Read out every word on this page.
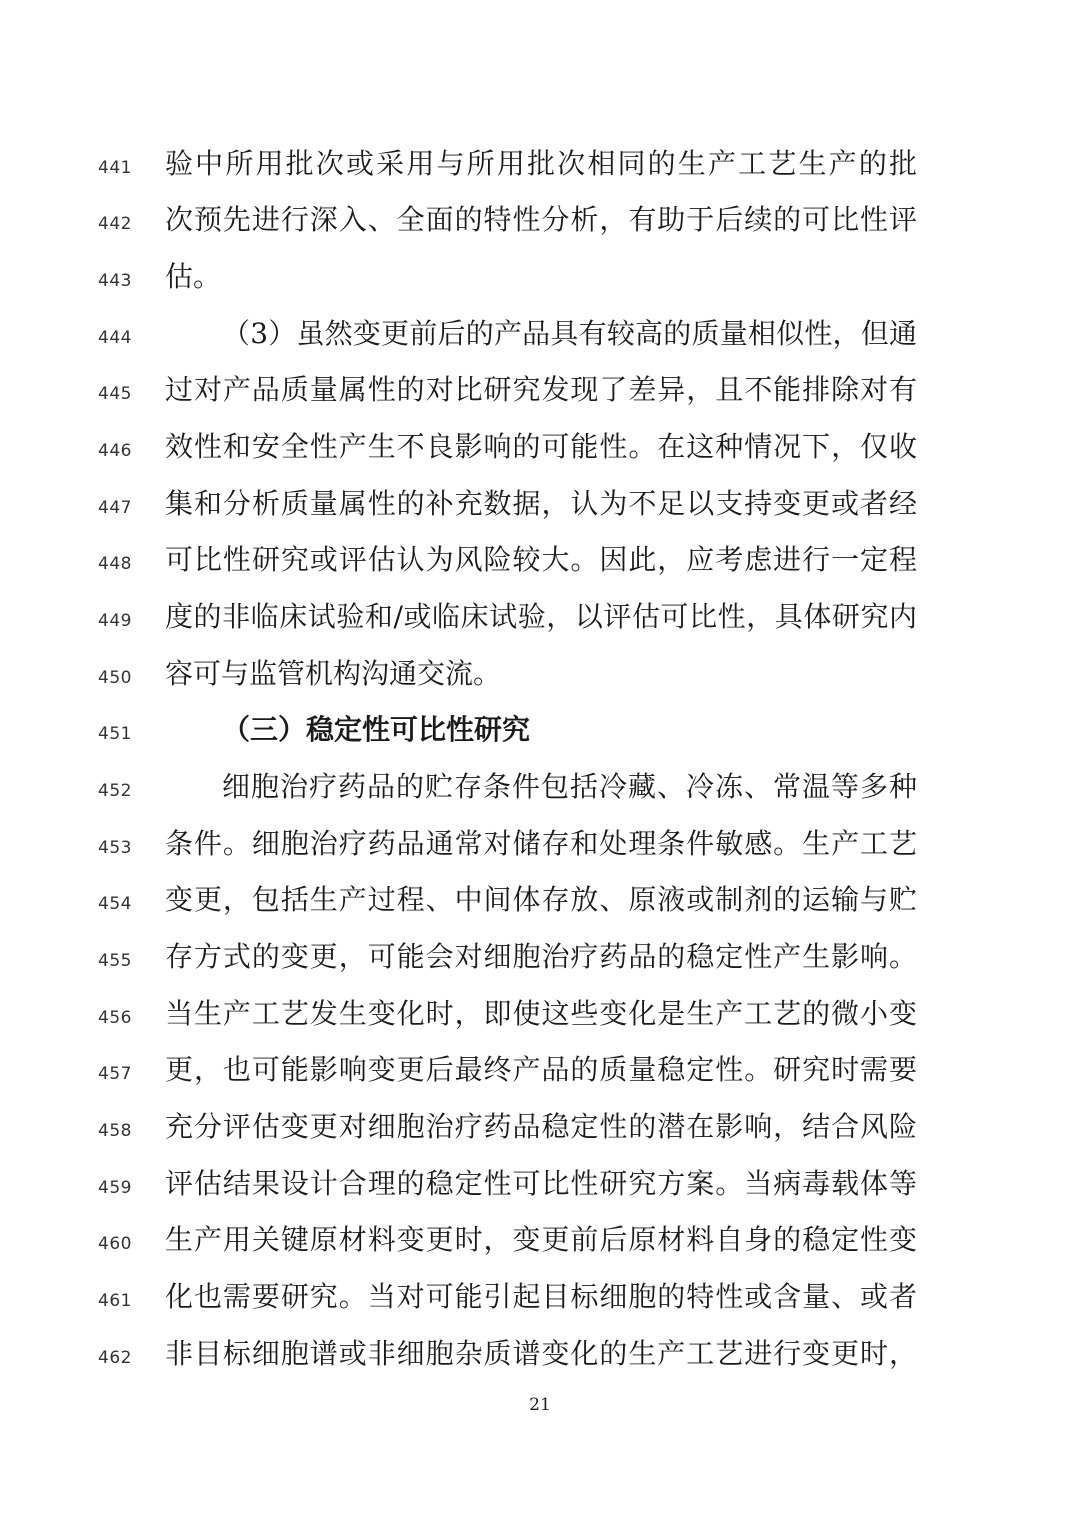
441 验中所用批次或采用与所用批次相同的生产工艺生产的批
442 次预先进行深入、全面的特性分析，有助于后续的可比性评
443 估。
444	（3）虽然变更前后的产品具有较高的质量相似性，但通
445 过对产品质量属性的对比研究发现了差异，且不能排除对有
446 效性和安全性产生不良影响的可能性。在这种情况下，仅收
447 集和分析质量属性的补充数据，认为不足以支持变更或者经
448 可比性研究或评估认为风险较大。因此，应考虑进行一定程
449 度的非临床试验和/或临床试验，以评估可比性，具体研究内
450 容可与监管机构沟通交流。
451	（三）稳定性可比性研究
452	细胞治疗药品的贮存条件包括冷藏、冷冻、常温等多种
453 条件。细胞治疗药品通常对储存和处理条件敏感。生产工艺
454 变更，包括生产过程、中间体存放、原液或制剂的运输与贮
455 存方式的变更，可能会对细胞治疗药品的稳定性产生影响。
456 当生产工艺发生变化时，即使这些变化是生产工艺的微小变
457 更，也可能影响变更后最终产品的质量稳定性。研究时需要
458 充分评估变更对细胞治疗药品稳定性的潜在影响，结合风险
459 评估结果设计合理的稳定性可比性研究方案。当病毒载体等
460 生产用关键原材料变更时，变更前后原材料自身的稳定性变
461 化也需要研究。当对可能引起目标细胞的特性或含量、或者
462 非目标细胞谱或非细胞杂质谱变化的生产工艺进行变更时，
21
